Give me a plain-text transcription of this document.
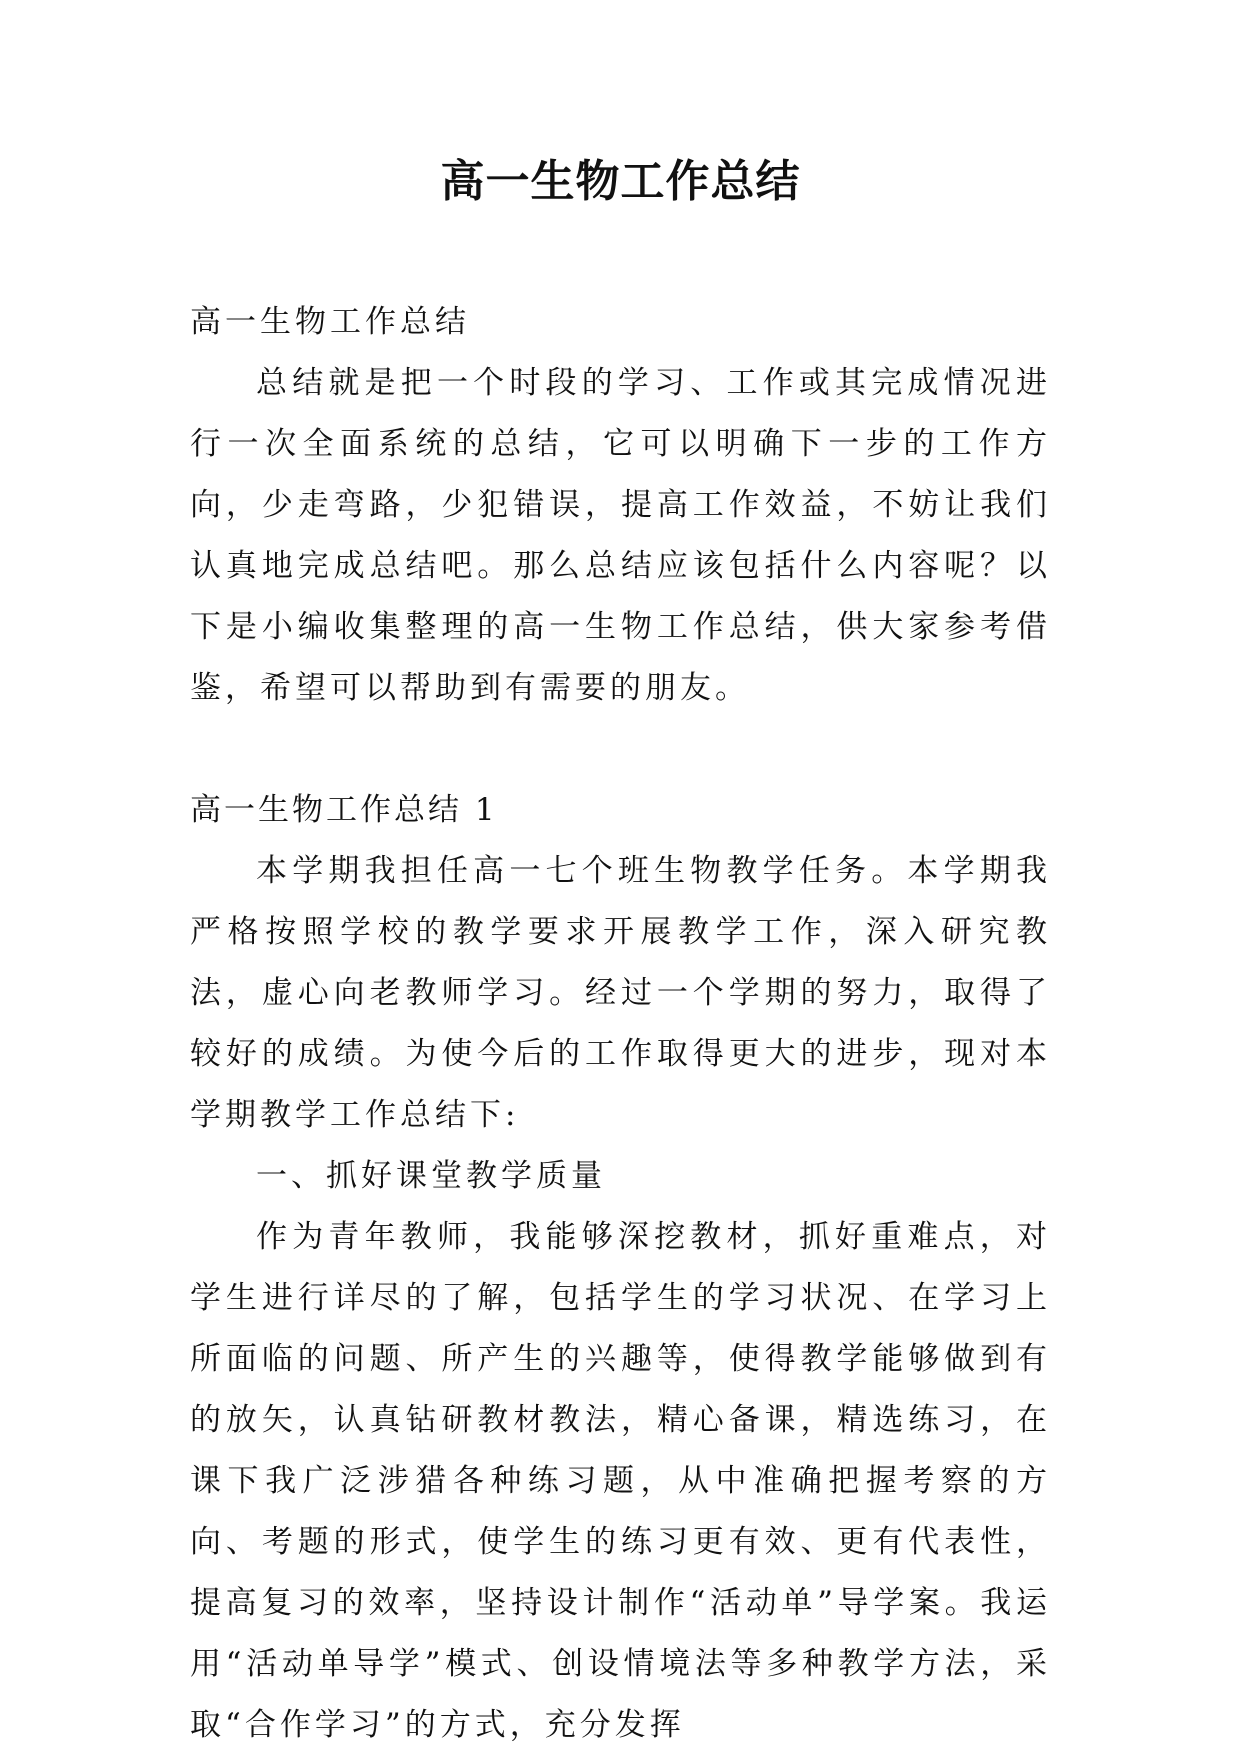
高一生物工作总结

高一生物工作总结

总结就是把一个时段的学习、工作或其完成情况进行一次全面系统的总结，它可以明确下一步的工作方向，少走弯路，少犯错误，提高工作效益，不妨让我们认真地完成总结吧。那么总结应该包括什么内容呢？以下是小编收集整理的高一生物工作总结，供大家参考借鉴，希望可以帮助到有需要的朋友。

高一生物工作总结 1

本学期我担任高一七个班生物教学任务。本学期我严格按照学校的教学要求开展教学工作，深入研究教法，虚心向老教师学习。经过一个学期的努力，取得了较好的成绩。为使今后的工作取得更大的进步，现对本学期教学工作总结下:

一、抓好课堂教学质量

作为青年教师，我能够深挖教材，抓好重难点，对学生进行详尽的了解，包括学生的学习状况、在学习上所面临的问题、所产生的兴趣等，使得教学能够做到有的放矢，认真钻研教材教法，精心备课，精选练习，在课下我广泛涉猎各种练习题，从中准确把握考察的方向、考题的形式，使学生的练习更有效、更有代表性，提高复习的效率，坚持设计制作“活动单”导学案。我运用“活动单导学”模式、创设情境法等多种教学方法，采取“合作学习”的方式，充分发挥
